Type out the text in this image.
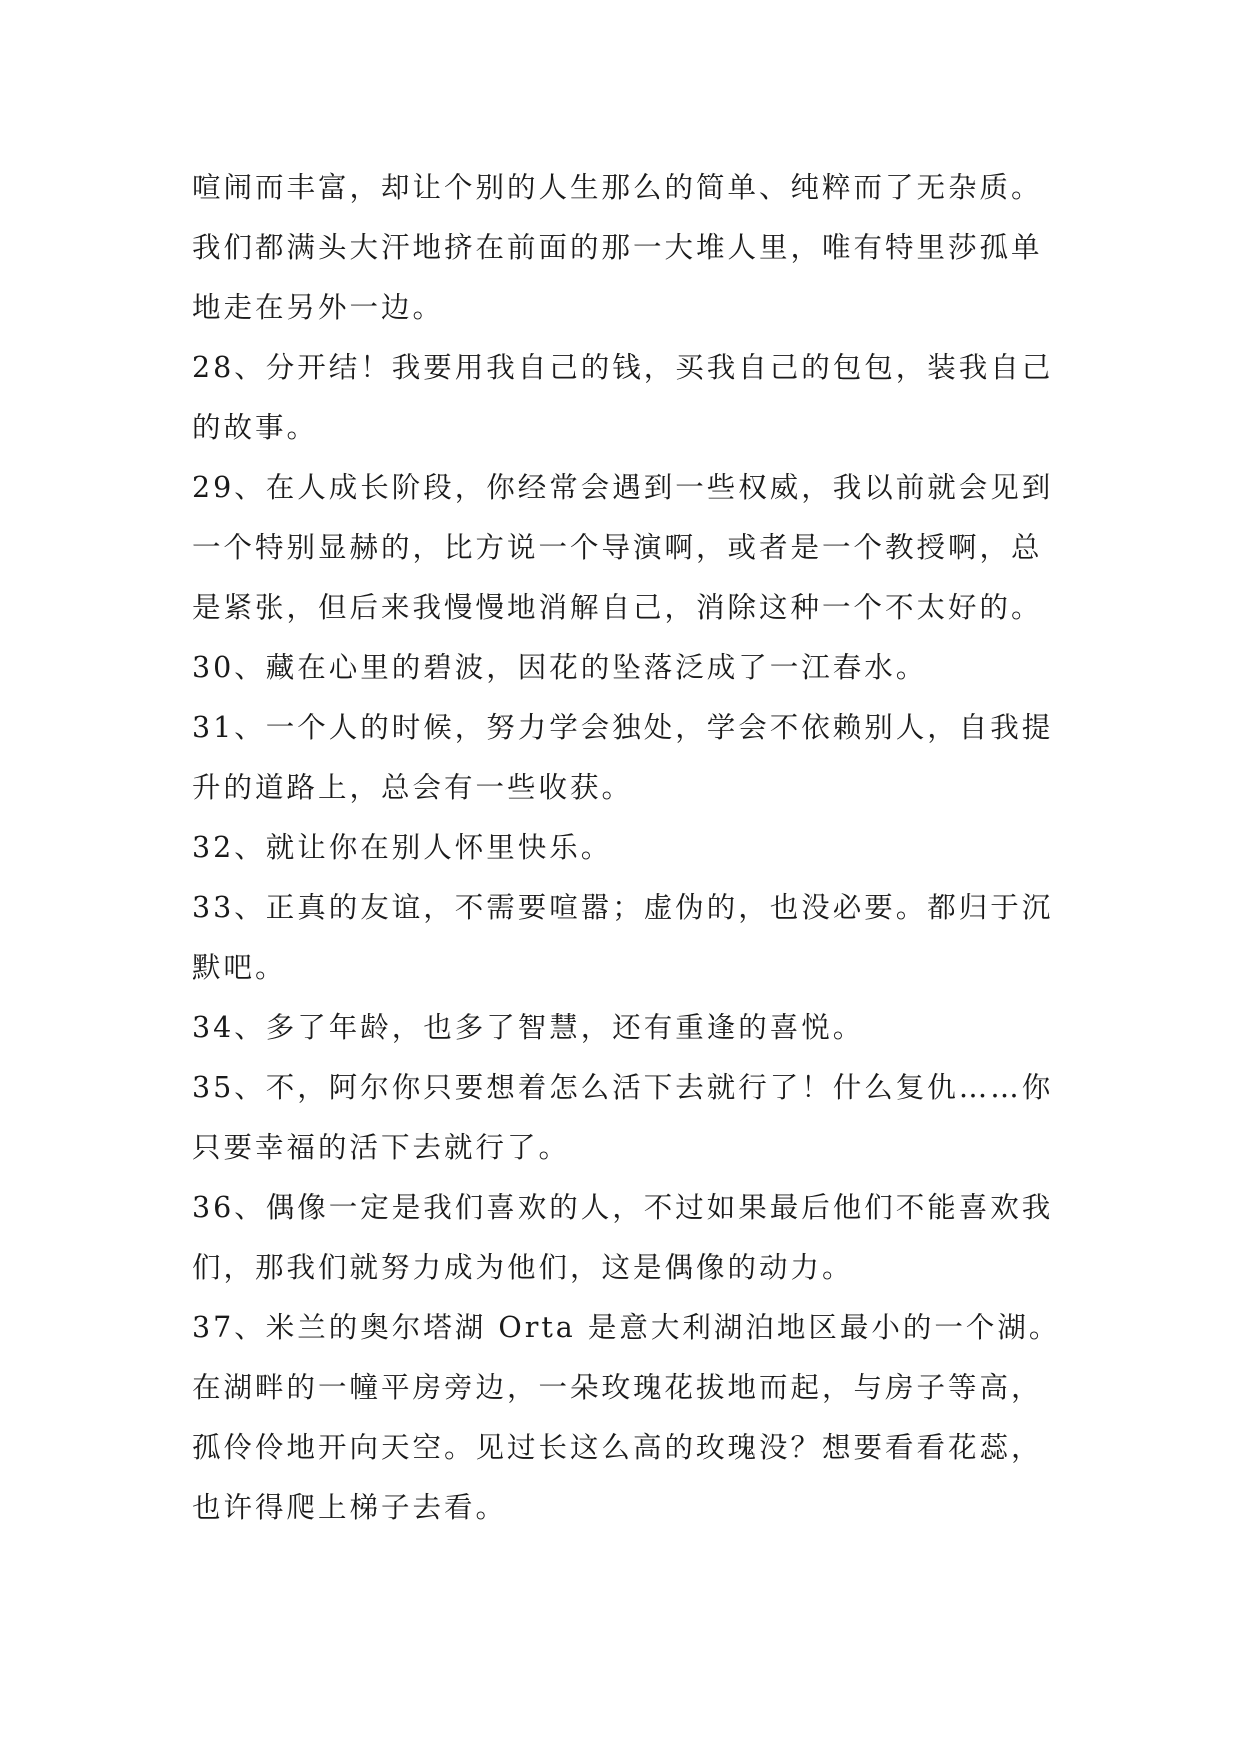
喧闹而丰富，却让个别的人生那么的简单、纯粹而了无杂质。我们都满头大汗地挤在前面的那一大堆人里，唯有特里莎孤单地走在另外一边。

28、分开结！我要用我自己的钱，买我自己的包包，装我自己的故事。

29、在人成长阶段，你经常会遇到一些权威，我以前就会见到一个特别显赫的，比方说一个导演啊，或者是一个教授啊，总是紧张，但后来我慢慢地消解自己，消除这种一个不太好的。

30、藏在心里的碧波，因花的坠落泛成了一江春水。

31、一个人的时候，努力学会独处，学会不依赖别人，自我提升的道路上，总会有一些收获。

32、就让你在别人怀里快乐。

33、正真的友谊，不需要喧嚣；虚伪的，也没必要。都归于沉默吧。

34、多了年龄，也多了智慧，还有重逢的喜悦。

35、不，阿尔你只要想着怎么活下去就行了！什么复仇……你只要幸福的活下去就行了。

36、偶像一定是我们喜欢的人，不过如果最后他们不能喜欢我们，那我们就努力成为他们，这是偶像的动力。

37、米兰的奥尔塔湖 Orta 是意大利湖泊地区最小的一个湖。在湖畔的一幢平房旁边，一朵玫瑰花拔地而起，与房子等高，孤伶伶地开向天空。见过长这么高的玫瑰没？想要看看花蕊，也许得爬上梯子去看。
